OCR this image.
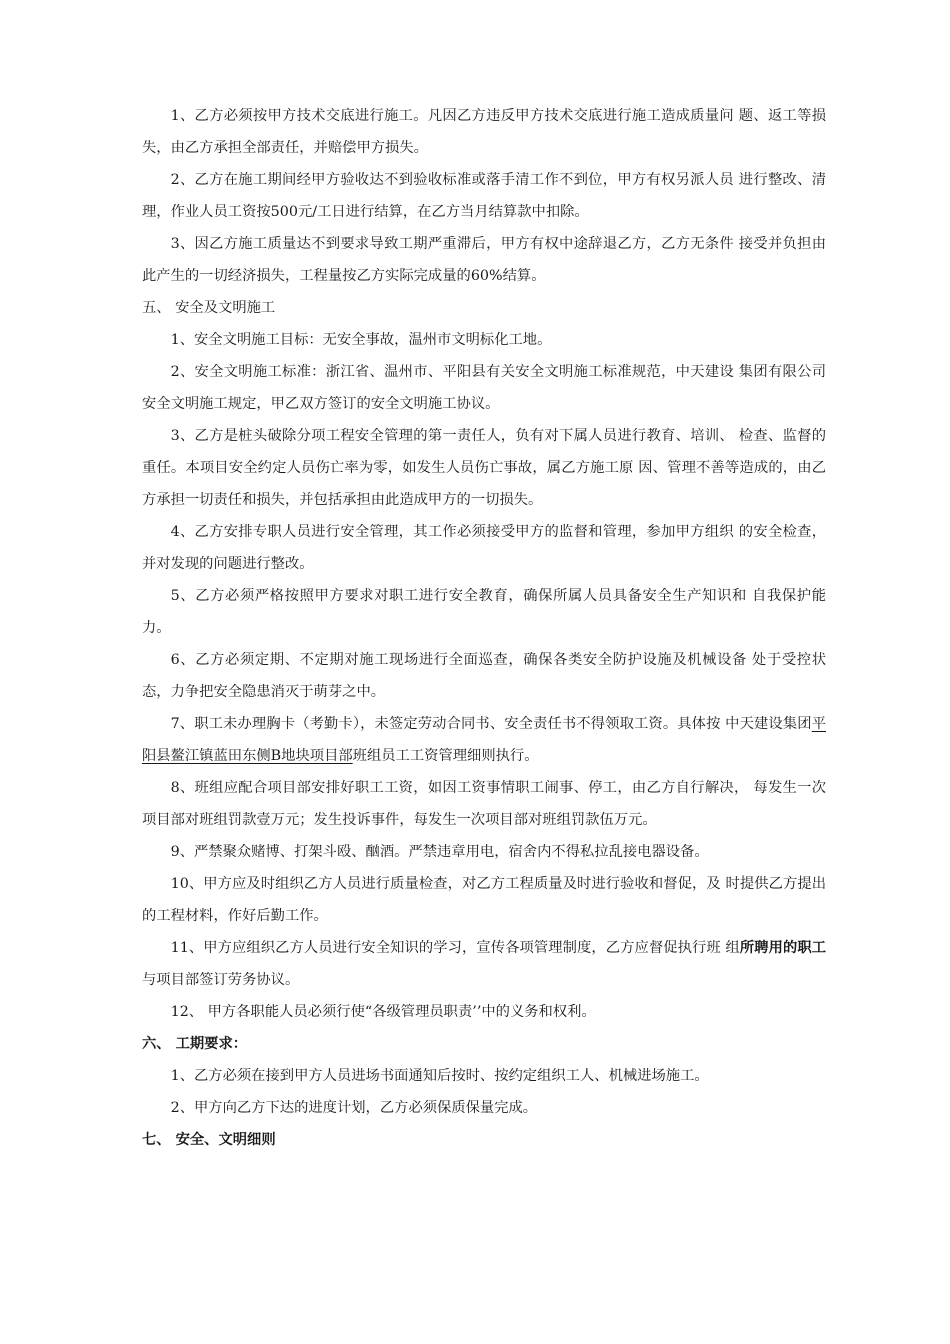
1、乙方必须按甲方技术交底进行施工。凡因乙方违反甲方技术交底进行施工造成质量问 题、返工等损失，由乙方承担全部责任，并赔偿甲方损失。

2、乙方在施工期间经甲方验收达不到验收标准或落手清工作不到位，甲方有权另派人员 进行整改、清理，作业人员工资按500元/工日进行结算，在乙方当月结算款中扣除。

3、因乙方施工质量达不到要求导致工期严重滞后，甲方有权中途辞退乙方，乙方无条件 接受并负担由此产生的一切经济损失，工程量按乙方实际完成量的60%结算。

五、 安全及文明施工

1、安全文明施工目标：无安全事故，温州市文明标化工地。

2、安全文明施工标准：浙江省、温州市、平阳县有关安全文明施工标准规范，中天建设 集团有限公司安全文明施工规定，甲乙双方签订的安全文明施工协议。

3、乙方是桩头破除分项工程安全管理的第一责任人，负有对下属人员进行教育、培训、 检查、监督的重任。本项目安全约定人员伤亡率为零，如发生人员伤亡事故，属乙方施工原 因、管理不善等造成的，由乙方承担一切责任和损失，并包括承担由此造成甲方的一切损失。

4、乙方安排专职人员进行安全管理，其工作必须接受甲方的监督和管理，参加甲方组织 的安全检查，并对发现的问题进行整改。

5、乙方必须严格按照甲方要求对职工进行安全教育，确保所属人员具备安全生产知识和 自我保护能力。

6、乙方必须定期、不定期对施工现场进行全面巡查，确保各类安全防护设施及机械设备 处于受控状态，力争把安全隐患消灭于萌芽之中。

7、职工未办理胸卡（考勤卡），未签定劳动合同书、安全责任书不得领取工资。具体按 中天建设集团平阳县鳌江镇蓝田东侧B地块项目部班组员工工资管理细则执行。

8、班组应配合项目部安排好职工工资，如因工资事情职工闹事、停工，由乙方自行解决， 每发生一次项目部对班组罚款壹万元；发生投诉事件，每发生一次项目部对班组罚款伍万元。

9、严禁聚众赌博、打架斗殴、酗酒。严禁违章用电，宿舍内不得私拉乱接电器设备。

10、甲方应及时组织乙方人员进行质量检查，对乙方工程质量及时进行验收和督促，及 时提供乙方提出的工程材料，作好后勤工作。

11、甲方应组织乙方人员进行安全知识的学习，宣传各项管理制度，乙方应督促执行班 组所聘用的职工与项目部签订劳务协议。

12、 甲方各职能人员必须行使“各级管理员职责’’中的义务和权利。

六、 工期要求：

1、乙方必须在接到甲方人员进场书面通知后按时、按约定组织工人、机械进场施工。

2、甲方向乙方下达的进度计划，乙方必须保质保量完成。

七、 安全、文明细则
